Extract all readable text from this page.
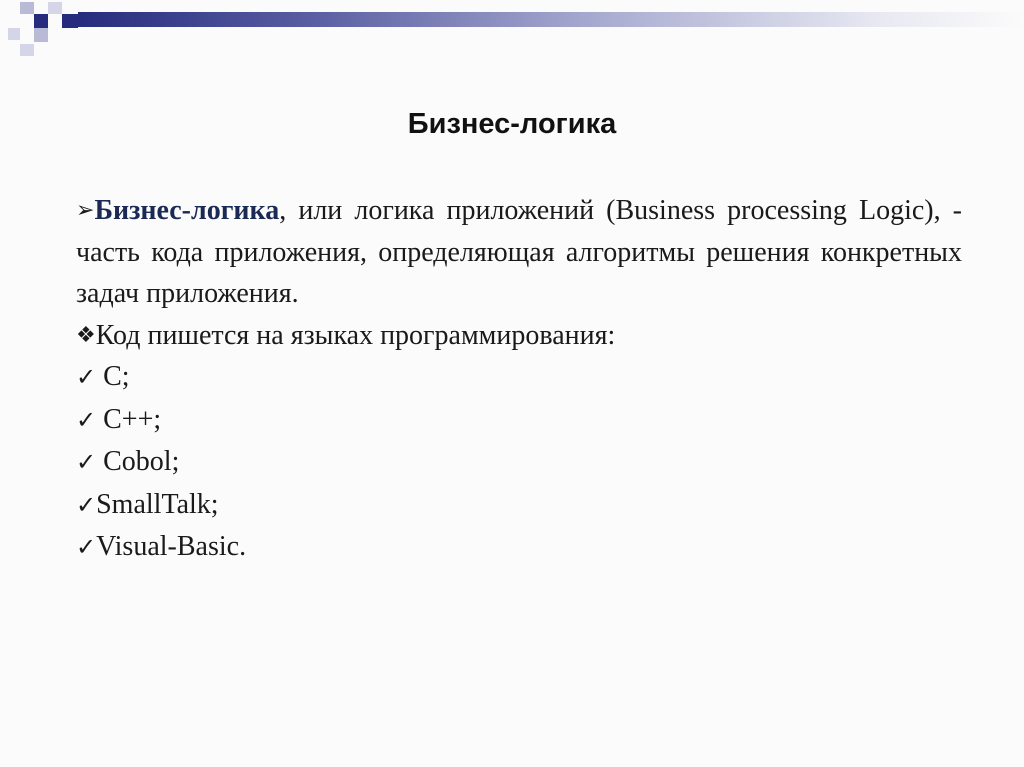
Бизнес-логика
➢Бизнес-логика, или логика приложений (Business processing Logic), - часть кода приложения, определяющая алгоритмы решения конкретных задач приложения.
❖Код пишется на языках программирования:
✓ C;
✓ C++;
✓ Cobol;
✓SmallTalk;
✓Visual-Basic.
